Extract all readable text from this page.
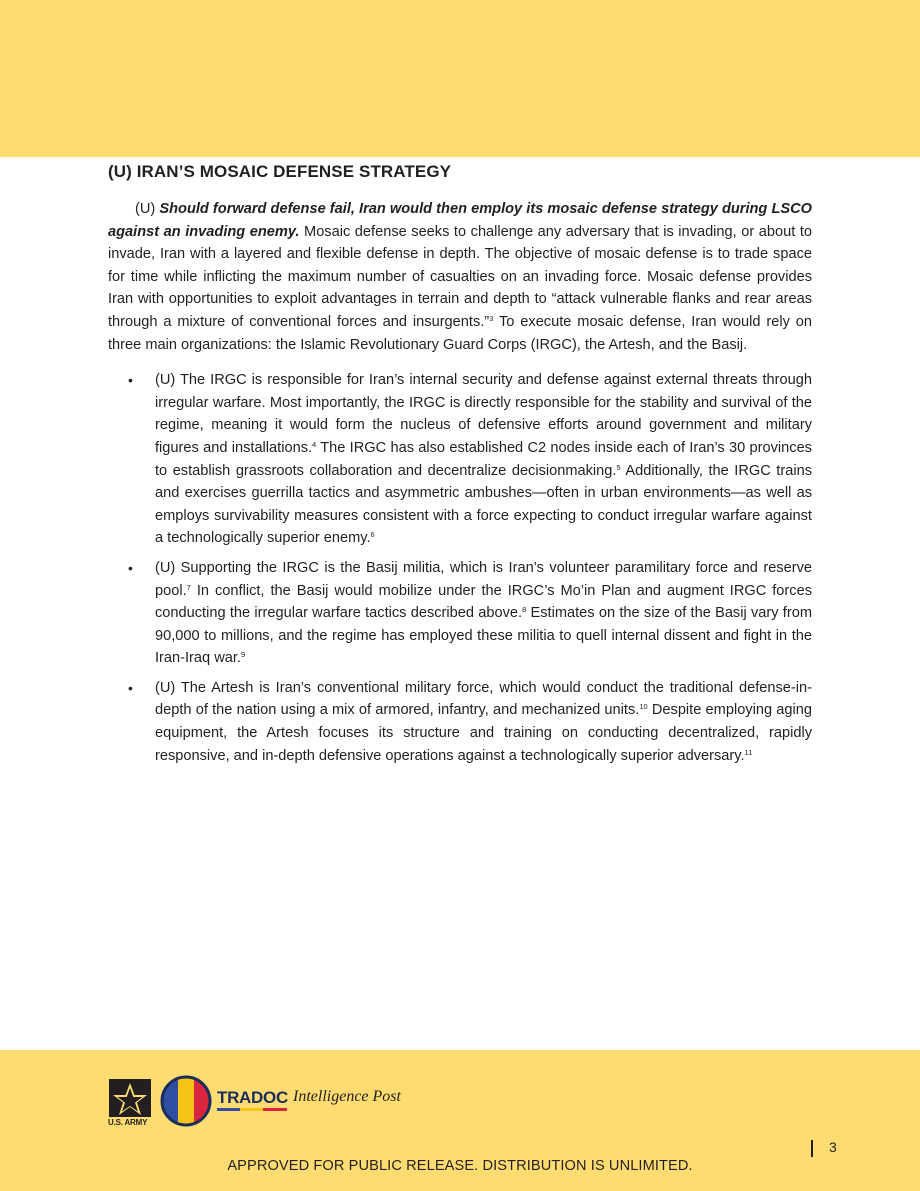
(U) IRAN’S MOSAIC DEFENSE STRATEGY

(U) Should forward defense fail, Iran would then employ its mosaic defense strategy during LSCO against an invading enemy. Mosaic defense seeks to challenge any adversary that is invading, or about to invade, Iran with a layered and flexible defense in depth. The objective of mosaic defense is to trade space for time while inflicting the maximum number of casualties on an invading force. Mosaic defense provides Iran with opportunities to exploit advantages in terrain and depth to “attack vulnerable flanks and rear areas through a mixture of conventional forces and insurgents.”$^3$ To execute mosaic defense, Iran would rely on three main organizations: the Islamic Revolutionary Guard Corps (IRGC), the Artesh, and the Basij.

• (U) The IRGC is responsible for Iran’s internal security and defense against external threats through irregular warfare. Most importantly, the IRGC is directly responsible for the stability and survival of the regime, meaning it would form the nucleus of defensive efforts around government and military figures and installations.$^4$ The IRGC has also established C2 nodes inside each of Iran’s 30 provinces to establish grassroots collaboration and decentralize decisionmaking.$^5$ Additionally, the IRGC trains and exercises guerrilla tactics and asymmetric ambushes—often in urban environments—as well as employs survivability measures consistent with a force expecting to conduct irregular warfare against a technologically superior enemy.$^6$
• (U) Supporting the IRGC is the Basij militia, which is Iran’s volunteer paramilitary force and reserve pool.$^7$ In conflict, the Basij would mobilize under the IRGC’s Mo’in Plan and augment IRGC forces conducting the irregular warfare tactics described above.$^8$ Estimates on the size of the Basij vary from 90,000 to millions, and the regime has employed these militia to quell internal dissent and fight in the Iran-Iraq war.$^9$
• (U) The Artesh is Iran’s conventional military force, which would conduct the traditional defense-in-depth of the nation using a mix of armored, infantry, and mechanized units.$^{10}$ Despite employing aging equipment, the Artesh focuses its structure and training on conducting decentralized, rapidly responsive, and in-depth defensive operations against a technologically superior adversary.$^{11}$
U.S. ARMY
TRADOC Intelligence Post
3
APPROVED FOR PUBLIC RELEASE. DISTRIBUTION IS UNLIMITED.
